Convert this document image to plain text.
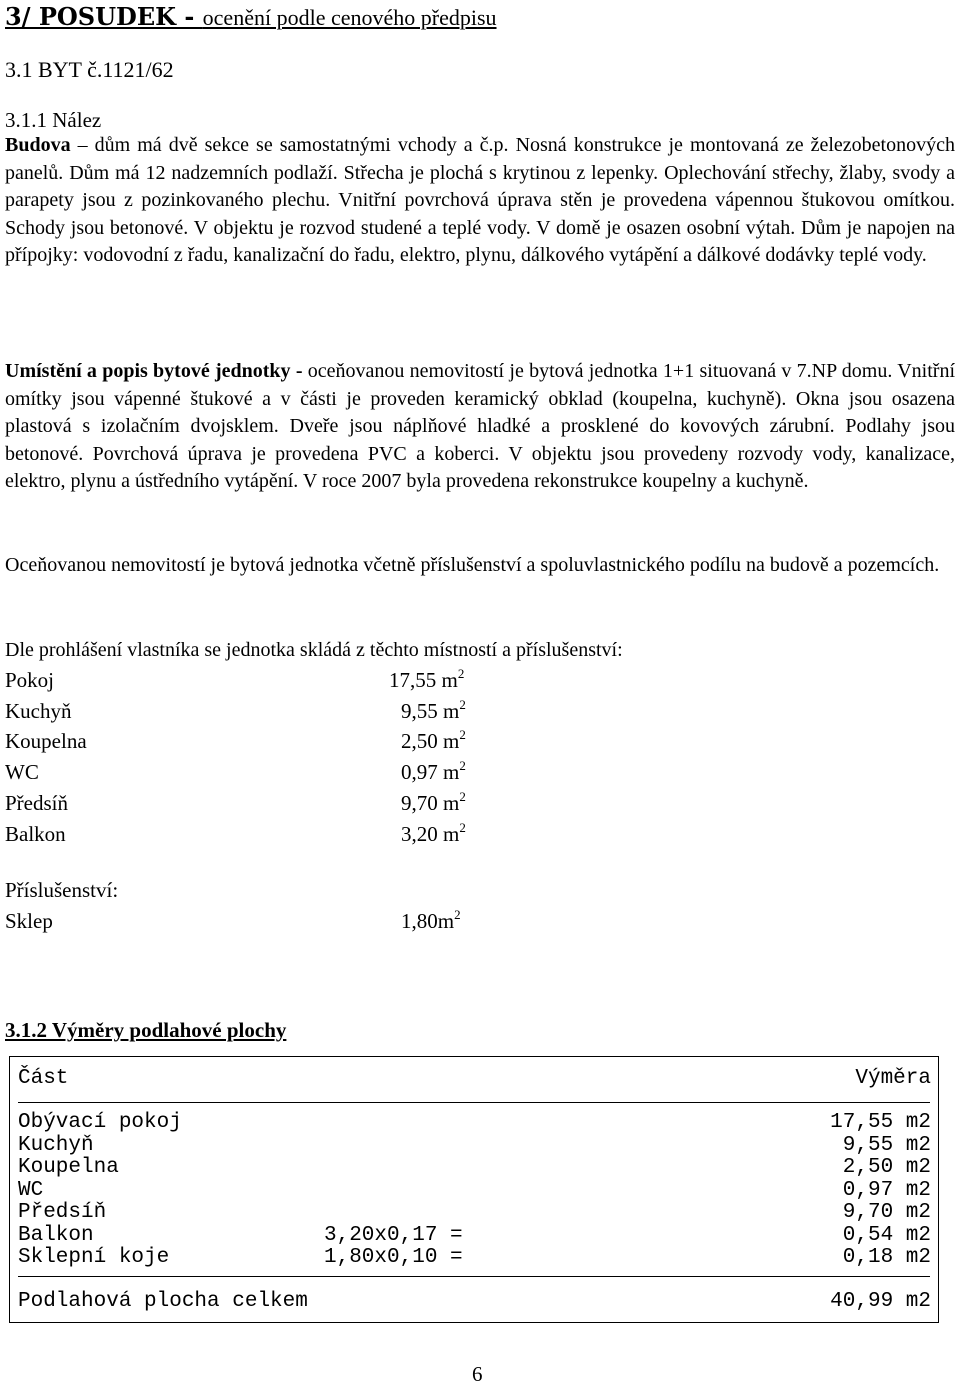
3/ POSUDEK - ocenění podle cenového předpisu
3.1 BYT č.1121/62
3.1.1 Nález
Budova – dům má dvě sekce se samostatnými vchody a č.p. Nosná konstrukce je montovaná ze železobetonových panelů. Dům má 12 nadzemních podlaží. Střecha je plochá s krytinou z lepenky. Oplechování střechy, žlaby, svody a parapety jsou z pozinkovaného plechu. Vnitřní povrchová úprava stěn je provedena vápennou štukovou omítkou. Schody jsou betonové. V objektu je rozvod studené a teplé vody. V domě je osazen osobní výtah. Dům je napojen na přípojky: vodovodní z řadu, kanalizační do řadu, elektro, plynu, dálkového vytápění a dálkové dodávky teplé vody.
Umístění a popis bytové jednotky - oceňovanou nemovitostí je bytová jednotka 1+1 situovaná v 7.NP domu. Vnitřní omítky jsou vápenné štukové a v části je proveden keramický obklad (koupelna, kuchyně). Okna jsou osazena plastová s izolačním dvojsklem. Dveře jsou náplňové hladké a prosklené do kovových zárubní. Podlahy jsou betonové. Povrchová úprava je provedena PVC a koberci. V objektu jsou provedeny rozvody vody, kanalizace, elektro, plynu a ústředního vytápění. V roce 2007 byla provedena rekonstrukce koupelny a kuchyně.
Oceňovanou nemovitostí je bytová jednotka včetně příslušenství a spoluvlastnického podílu na budově a pozemcích.
Dle prohlášení vlastníka se jednotka skládá z těchto místností a příslušenství:
Pokoj	17,55 $m^2$
Kuchyň	9,55 $m^2$
Koupelna	2,50 $m^2$
WC	0,97 $m^2$
Předsíň	9,70 $m^2$
Balkon	3,20 $m^2$
Příslušenství:
Sklep	$1,80m^2$
3.1.2 Výměry podlahové plochy
Část	Výměra
Obývací pokoj	17,55 m2
Kuchyň	9,55 m2
Koupelna	2,50 m2
WC	0,97 m2
Předsíň	9,70 m2
Balkon	3,20x0,17 =	0,54 m2
Sklepní koje	1,80x0,10 =	0,18 m2
Podlahová plocha celkem	40,99 m2
6
